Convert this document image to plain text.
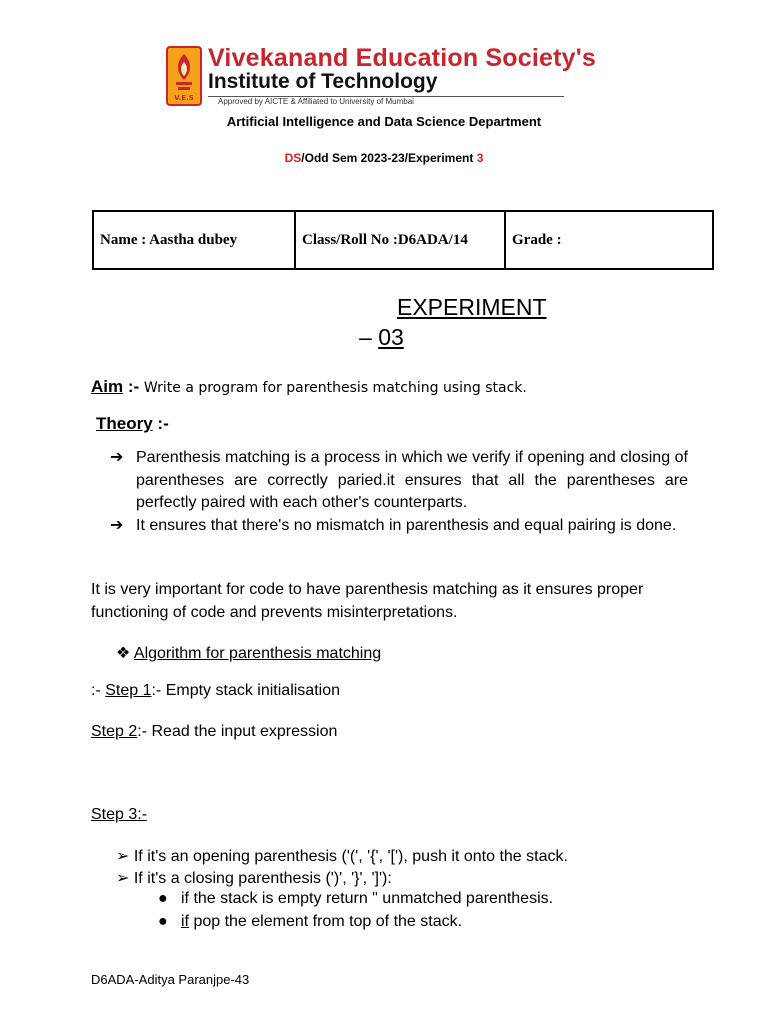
V.E.S
Vivekanand Education Society's
Institute of Technology
Approved by AICTE & Affiliated to University of Mumbai
Artificial Intelligence and Data Science Department
DS/Odd Sem 2023-23/Experiment 3
Name : Aastha dubey	Class/Roll No :D6ADA/14	Grade :
EXPERIMENT
– 03
Aim :- Write a program for parenthesis matching using stack.
Theory :-
➔ Parenthesis matching is a process in which we verify if opening and closing of parentheses are correctly paried.it ensures that all the parentheses are perfectly paired with each other's counterparts.
➔ It ensures that there's no mismatch in parenthesis and equal pairing is done.
It is very important for code to have parenthesis matching as it ensures proper functioning of code and prevents misinterpretations.
❖ Algorithm for parenthesis matching
:- Step 1:- Empty stack initialisation
Step 2:- Read the input expression
Step 3:-
➢ If it's an opening parenthesis ('(', '{', '['), push it onto the stack.
➢ If it's a closing parenthesis (')', '}', ']'):
●   if the stack is empty return " unmatched parenthesis.
●   if pop the element from top of the stack.
D6ADA-Aditya Paranjpe-43
